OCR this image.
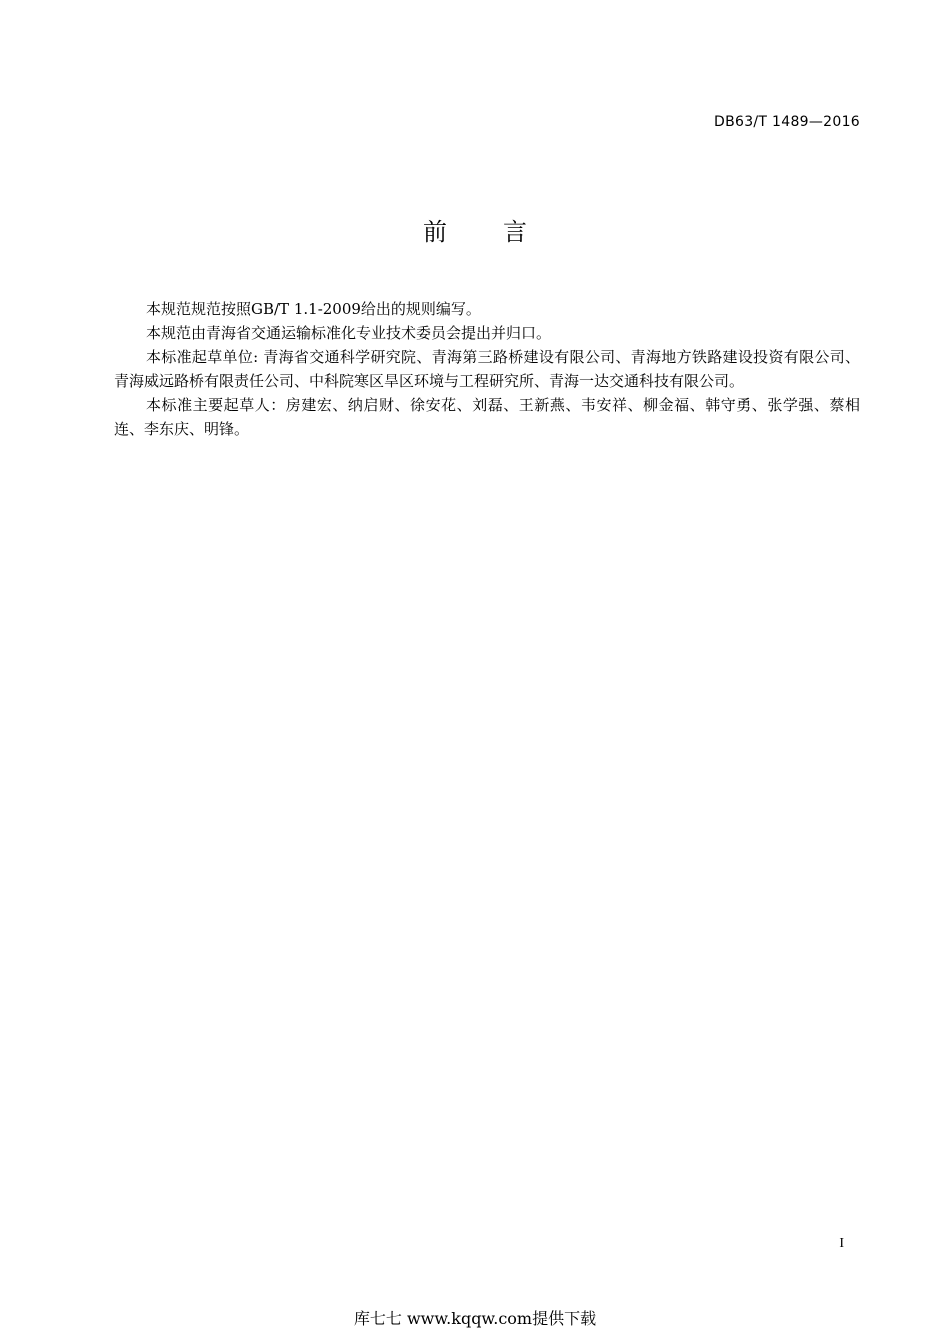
DB63/T 1489—2016
前言

本规范规范按照GB/T 1.1-2009给出的规则编写。

本规范由青海省交通运输标准化专业技术委员会提出并归口。

本标准起草单位: 青海省交通科学研究院、青海第三路桥建设有限公司、青海地方铁路建设投资有限公司、青海威远路桥有限责任公司、中科院寒区旱区环境与工程研究所、青海一达交通科技有限公司。

本标准主要起草人：房建宏、纳启财、徐安花、刘磊、王新燕、韦安祥、柳金福、韩守勇、张学强、蔡相连、李东庆、明锋。

I
库七七 www.kqqw.com提供下载
